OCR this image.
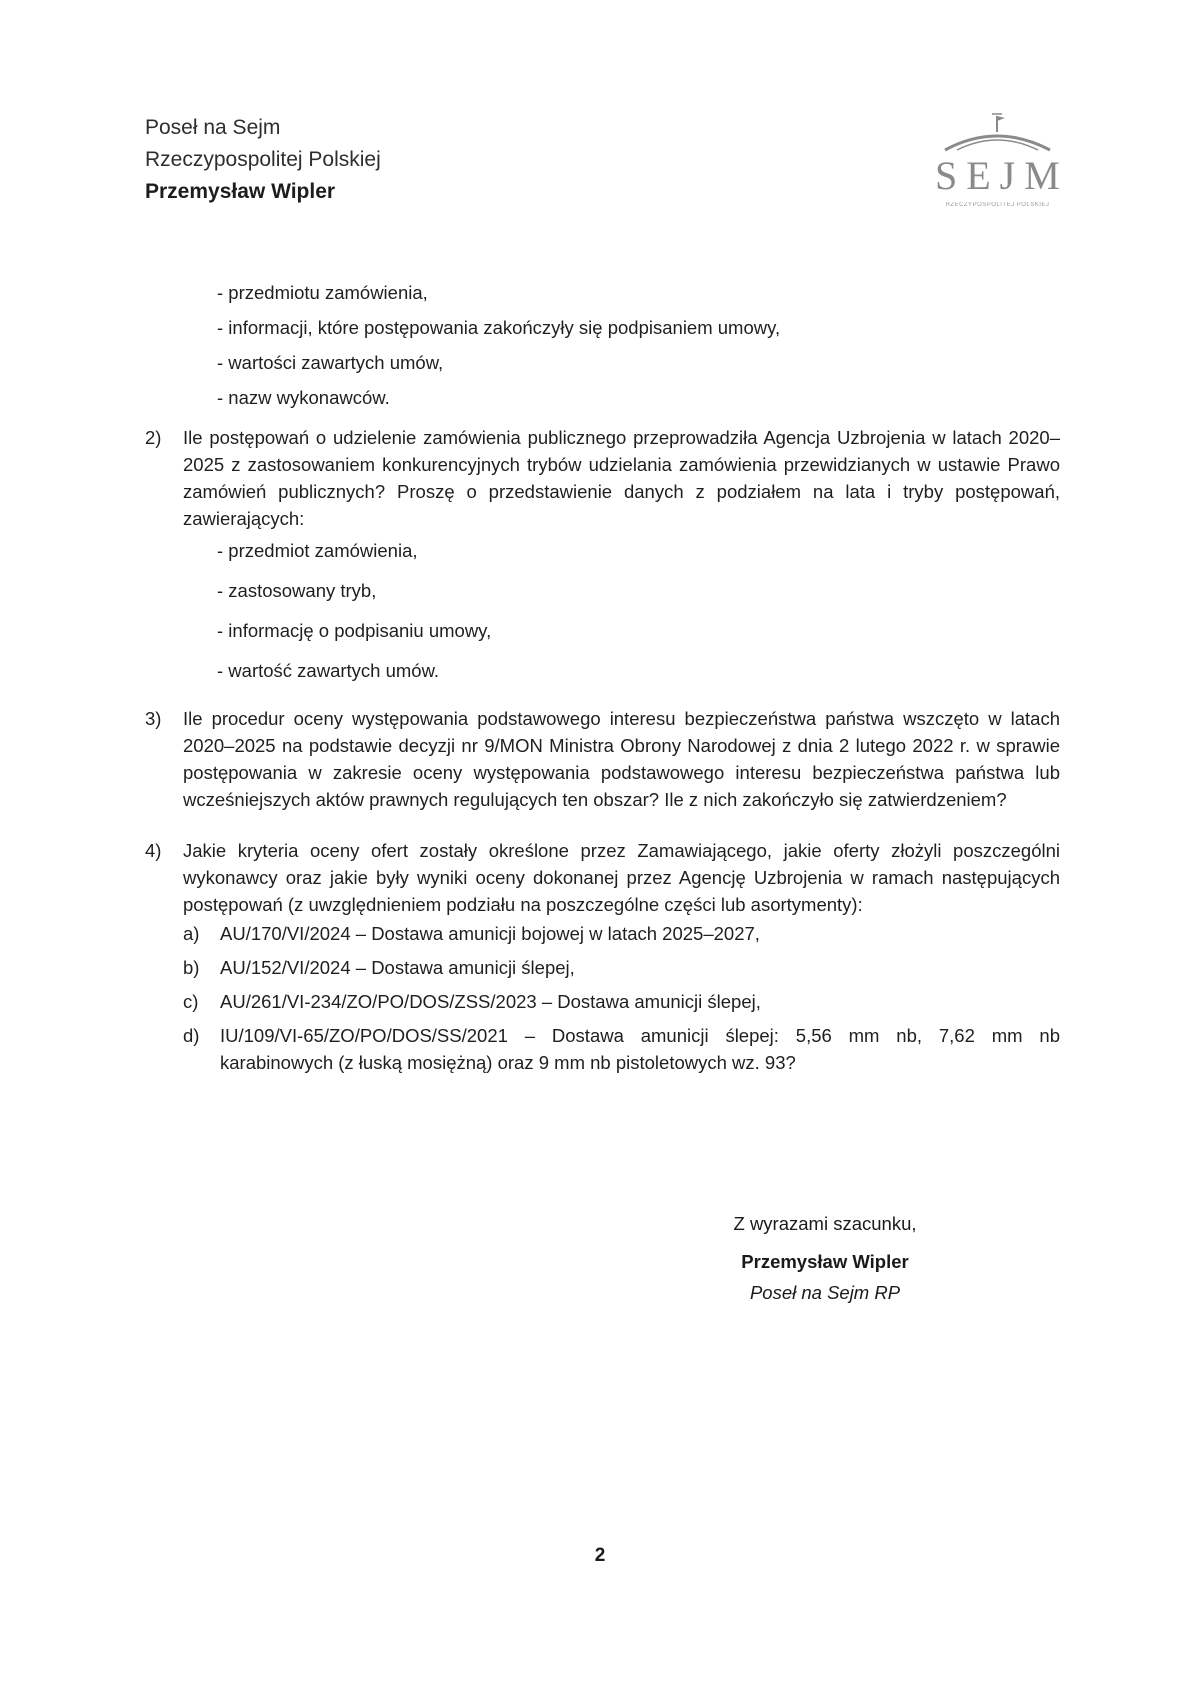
Poseł na Sejm
Rzeczypospolitej Polskiej
Przemysław Wipler	SEJM
RZECZYPOSPOLITEJ POLSKIEJ
- przedmiotu zamówienia,
- informacji, które postępowania zakończyły się podpisaniem umowy,
- wartości zawartych umów,
- nazw wykonawców.
2) Ile postępowań o udzielenie zamówienia publicznego przeprowadziła Agencja Uzbrojenia w latach 2020–2025 z zastosowaniem konkurencyjnych trybów udzielania zamówienia przewidzianych w ustawie Prawo zamówień publicznych? Proszę o przedstawienie danych z podziałem na lata i tryby postępowań, zawierających:
- przedmiot zamówienia,
- zastosowany tryb,
- informację o podpisaniu umowy,
- wartość zawartych umów.
3) Ile procedur oceny występowania podstawowego interesu bezpieczeństwa państwa wszczęto w latach 2020–2025 na podstawie decyzji nr 9/MON Ministra Obrony Narodowej z dnia 2 lutego 2022 r. w sprawie postępowania w zakresie oceny występowania podstawowego interesu bezpieczeństwa państwa lub wcześniejszych aktów prawnych regulujących ten obszar? Ile z nich zakończyło się zatwierdzeniem?
4) Jakie kryteria oceny ofert zostały określone przez Zamawiającego, jakie oferty złożyli poszczególni wykonawcy oraz jakie były wyniki oceny dokonanej przez Agencję Uzbrojenia w ramach następujących postępowań (z uwzględnieniem podziału na poszczególne części lub asortymenty):
a) AU/170/VI/2024 – Dostawa amunicji bojowej w latach 2025–2027,
b) AU/152/VI/2024 – Dostawa amunicji ślepej,
c) AU/261/VI-234/ZO/PO/DOS/ZSS/2023 – Dostawa amunicji ślepej,
d) IU/109/VI-65/ZO/PO/DOS/SS/2021 – Dostawa amunicji ślepej: 5,56 mm nb, 7,62 mm nb karabinowych (z łuską mosiężną) oraz 9 mm nb pistoletowych wz. 93?
Z wyrazami szacunku,
Przemysław Wipler
Poseł na Sejm RP
2
